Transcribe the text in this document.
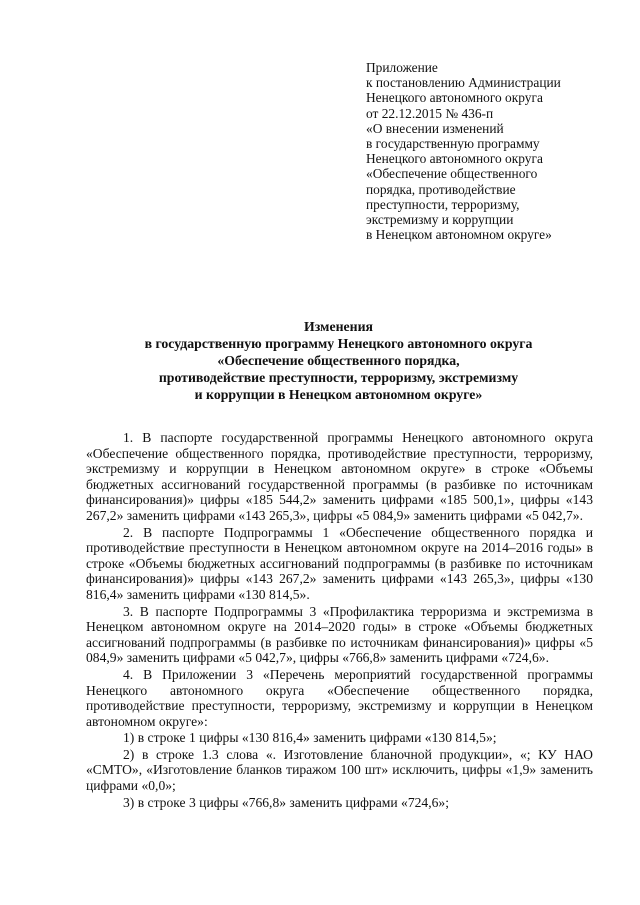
Приложение
к постановлению Администрации
Ненецкого автономного округа
от 22.12.2015 № 436-п
«О внесении изменений
в государственную программу
Ненецкого автономного округа
«Обеспечение общественного
порядка, противодействие
преступности, терроризму,
экстремизму и коррупции
в Ненецком автономном округе»
Изменения
в государственную программу Ненецкого автономного округа
«Обеспечение общественного порядка,
противодействие преступности, терроризму, экстремизму
и коррупции в Ненецком автономном округе»

1. В паспорте государственной программы Ненецкого автономного округа «Обеспечение общественного порядка, противодействие преступности, терроризму, экстремизму и коррупции в Ненецком автономном округе» в строке «Объемы бюджетных ассигнований государственной программы (в разбивке по источникам финансирования)» цифры «185 544,2» заменить цифрами «185 500,1», цифры «143 267,2» заменить цифрами «143 265,3», цифры «5 084,9» заменить цифрами «5 042,7».

2. В паспорте Подпрограммы 1 «Обеспечение общественного порядка и противодействие преступности в Ненецком автономном округе на 2014–2016 годы» в строке «Объемы бюджетных ассигнований подпрограммы (в разбивке по источникам финансирования)» цифры «143 267,2» заменить цифрами «143 265,3», цифры «130 816,4» заменить цифрами «130 814,5».

3. В паспорте Подпрограммы 3 «Профилактика терроризма и экстремизма в Ненецком автономном округе на 2014–2020 годы» в строке «Объемы бюджетных ассигнований подпрограммы (в разбивке по источникам финансирования)» цифры «5 084,9» заменить цифрами «5 042,7», цифры «766,8» заменить цифрами «724,6».

4. В Приложении 3 «Перечень мероприятий государственной программы Ненецкого автономного округа «Обеспечение общественного порядка, противодействие преступности, терроризму, экстремизму и коррупции в Ненецком автономном округе»:

1) в строке 1 цифры «130 816,4» заменить цифрами «130 814,5»;

2) в строке 1.3 слова «. Изготовление бланочной продукции», «; КУ НАО «СМТО», «Изготовление бланков тиражом 100 шт» исключить, цифры «1,9» заменить цифрами «0,0»;

3) в строке 3 цифры «766,8» заменить цифрами «724,6»;
